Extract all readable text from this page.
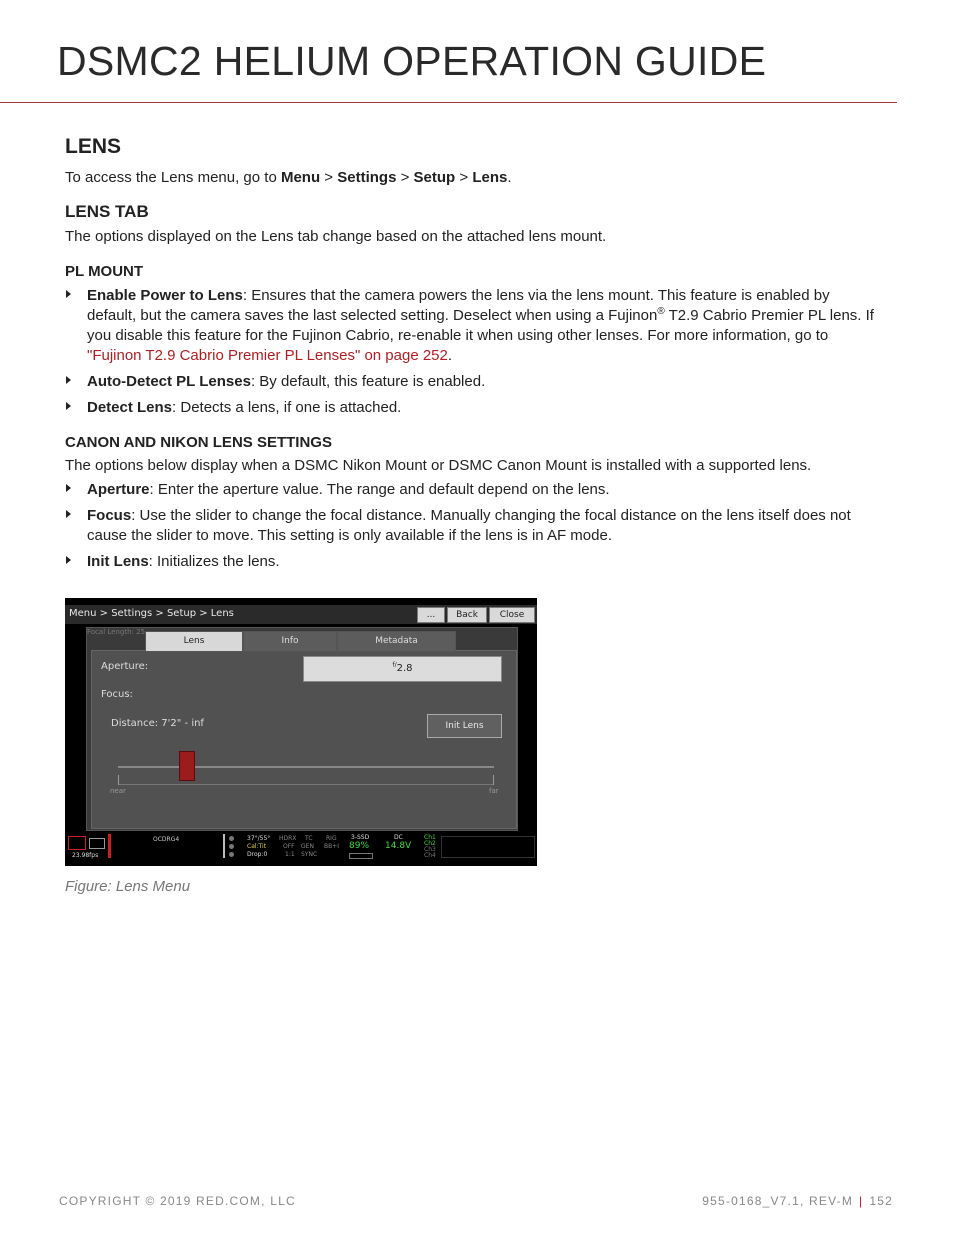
DSMC2 HELIUM OPERATION GUIDE
LENS

To access the Lens menu, go to Menu > Settings > Setup > Lens.

LENS TAB

The options displayed on the Lens tab change based on the attached lens mount.

PL MOUNT
Enable Power to Lens: Ensures that the camera powers the lens via the lens mount. This feature is enabled by default, but the camera saves the last selected setting. Deselect when using a Fujinon® T2.9 Cabrio Premier PL lens. If you disable this feature for the Fujinon Cabrio, re-enable it when using other lenses. For more information, go to "Fujinon T2.9 Cabrio Premier PL Lenses" on page 252.
Auto-Detect PL Lenses: By default, this feature is enabled.
Detect Lens: Detects a lens, if one is attached.
CANON AND NIKON LENS SETTINGS

The options below display when a DSMC Nikon Mount or DSMC Canon Mount is installed with a supported lens.

Aperture: Enter the aperture value. The range and default depend on the lens.
Focus: Use the slider to change the focal distance. Manually changing the focal distance on the lens itself does not cause the slider to move. This setting is only available if the lens is in AF mode.
Init Lens: Initializes the lens.
Menu > Settings > Setup > Lens	...	Back	Close
Focal Length: 25
Lens	Info	Metadata
Aperture:	$^{f/}$2.8
Focus:
Distance: 7'2" - inf	Init Lens
near	far
23.98fps
OCDRG4	37°/55°
Cal:Tit
Drop:0
HDRX
OFF
1:1
TC
GEN
SYNC
RIG
BB+I
3-SSD
89%
DC
14.8V
Ch1
Ch2
Ch3
Ch4

Figure: Lens Menu

COPYRIGHT © 2019 RED.COM, LLC	955-0168_V7.1, REV-M | 152
